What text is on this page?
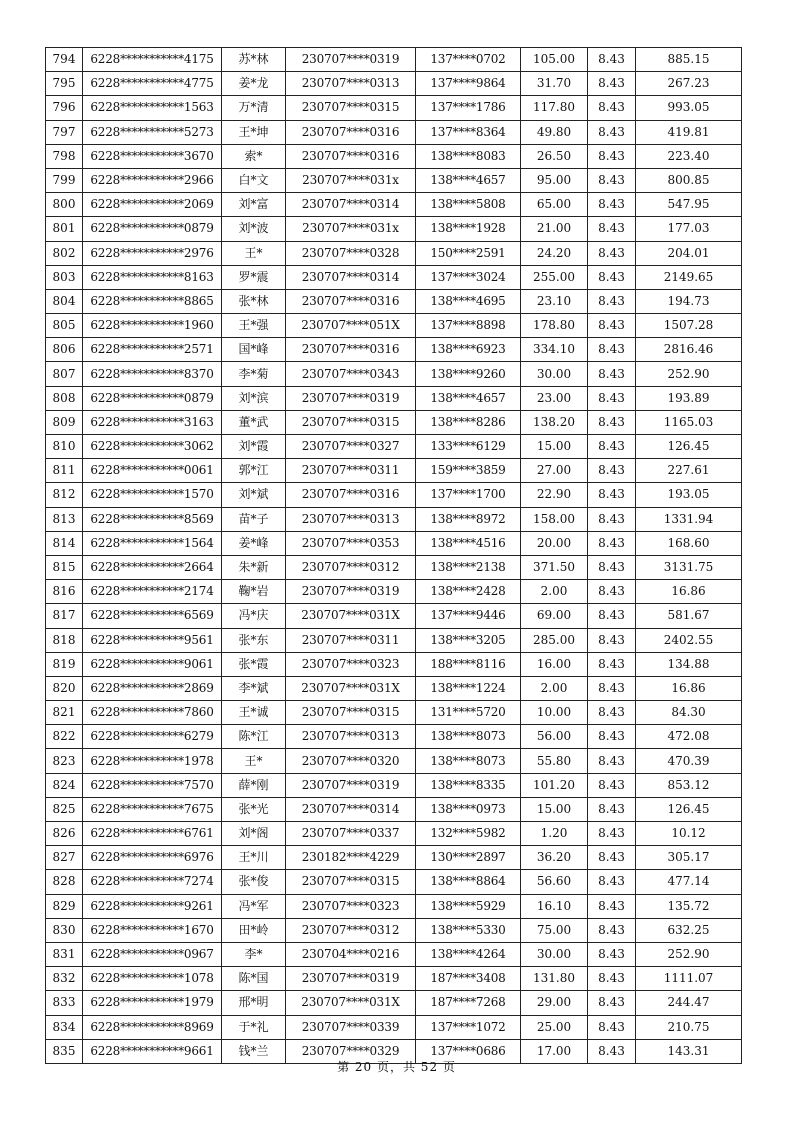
794	6228***********4175	苏*林	230707****0319	137****0702	105.00	8.43	885.15
795	6228***********4775	姜*龙	230707****0313	137****9864	31.70	8.43	267.23
796	6228***********1563	万*清	230707****0315	137****1786	117.80	8.43	993.05
797	6228***********5273	王*坤	230707****0316	137****8364	49.80	8.43	419.81
798	6228***********3670	索*	230707****0316	138****8083	26.50	8.43	223.40
799	6228***********2966	白*文	230707****031x	138****4657	95.00	8.43	800.85
800	6228***********2069	刘*富	230707****0314	138****5808	65.00	8.43	547.95
801	6228***********0879	刘*波	230707****031x	138****1928	21.00	8.43	177.03
802	6228***********2976	王*	230707****0328	150****2591	24.20	8.43	204.01
803	6228***********8163	罗*震	230707****0314	137****3024	255.00	8.43	2149.65
804	6228***********8865	张*林	230707****0316	138****4695	23.10	8.43	194.73
805	6228***********1960	王*强	230707****051X	137****8898	178.80	8.43	1507.28
806	6228***********2571	国*峰	230707****0316	138****6923	334.10	8.43	2816.46
807	6228***********8370	李*菊	230707****0343	138****9260	30.00	8.43	252.90
808	6228***********0879	刘*滨	230707****0319	138****4657	23.00	8.43	193.89
809	6228***********3163	董*武	230707****0315	138****8286	138.20	8.43	1165.03
810	6228***********3062	刘*霞	230707****0327	133****6129	15.00	8.43	126.45
811	6228***********0061	郭*江	230707****0311	159****3859	27.00	8.43	227.61
812	6228***********1570	刘*斌	230707****0316	137****1700	22.90	8.43	193.05
813	6228***********8569	苗*子	230707****0313	138****8972	158.00	8.43	1331.94
814	6228***********1564	姜*峰	230707****0353	138****4516	20.00	8.43	168.60
815	6228***********2664	朱*新	230707****0312	138****2138	371.50	8.43	3131.75
816	6228***********2174	鞠*岩	230707****0319	138****2428	2.00	8.43	16.86
817	6228***********6569	冯*庆	230707****031X	137****9446	69.00	8.43	581.67
818	6228***********9561	张*东	230707****0311	138****3205	285.00	8.43	2402.55
819	6228***********9061	张*霞	230707****0323	188****8116	16.00	8.43	134.88
820	6228***********2869	李*斌	230707****031X	138****1224	2.00	8.43	16.86
821	6228***********7860	王*诚	230707****0315	131****5720	10.00	8.43	84.30
822	6228***********6279	陈*江	230707****0313	138****8073	56.00	8.43	472.08
823	6228***********1978	王*	230707****0320	138****8073	55.80	8.43	470.39
824	6228***********7570	薛*刚	230707****0319	138****8335	101.20	8.43	853.12
825	6228***********7675	张*光	230707****0314	138****0973	15.00	8.43	126.45
826	6228***********6761	刘*阁	230707****0337	132****5982	1.20	8.43	10.12
827	6228***********6976	王*川	230182****4229	130****2897	36.20	8.43	305.17
828	6228***********7274	张*俊	230707****0315	138****8864	56.60	8.43	477.14
829	6228***********9261	冯*军	230707****0323	138****5929	16.10	8.43	135.72
830	6228***********1670	田*岭	230707****0312	138****5330	75.00	8.43	632.25
831	6228***********0967	李*	230704****0216	138****4264	30.00	8.43	252.90
832	6228***********1078	陈*国	230707****0319	187****3408	131.80	8.43	1111.07
833	6228***********1979	邢*明	230707****031X	187****7268	29.00	8.43	244.47
834	6228***********8969	于*礼	230707****0339	137****1072	25.00	8.43	210.75
835	6228***********9661	钱*兰	230707****0329	137****0686	17.00	8.43	143.31
第 20 页，共 52 页
